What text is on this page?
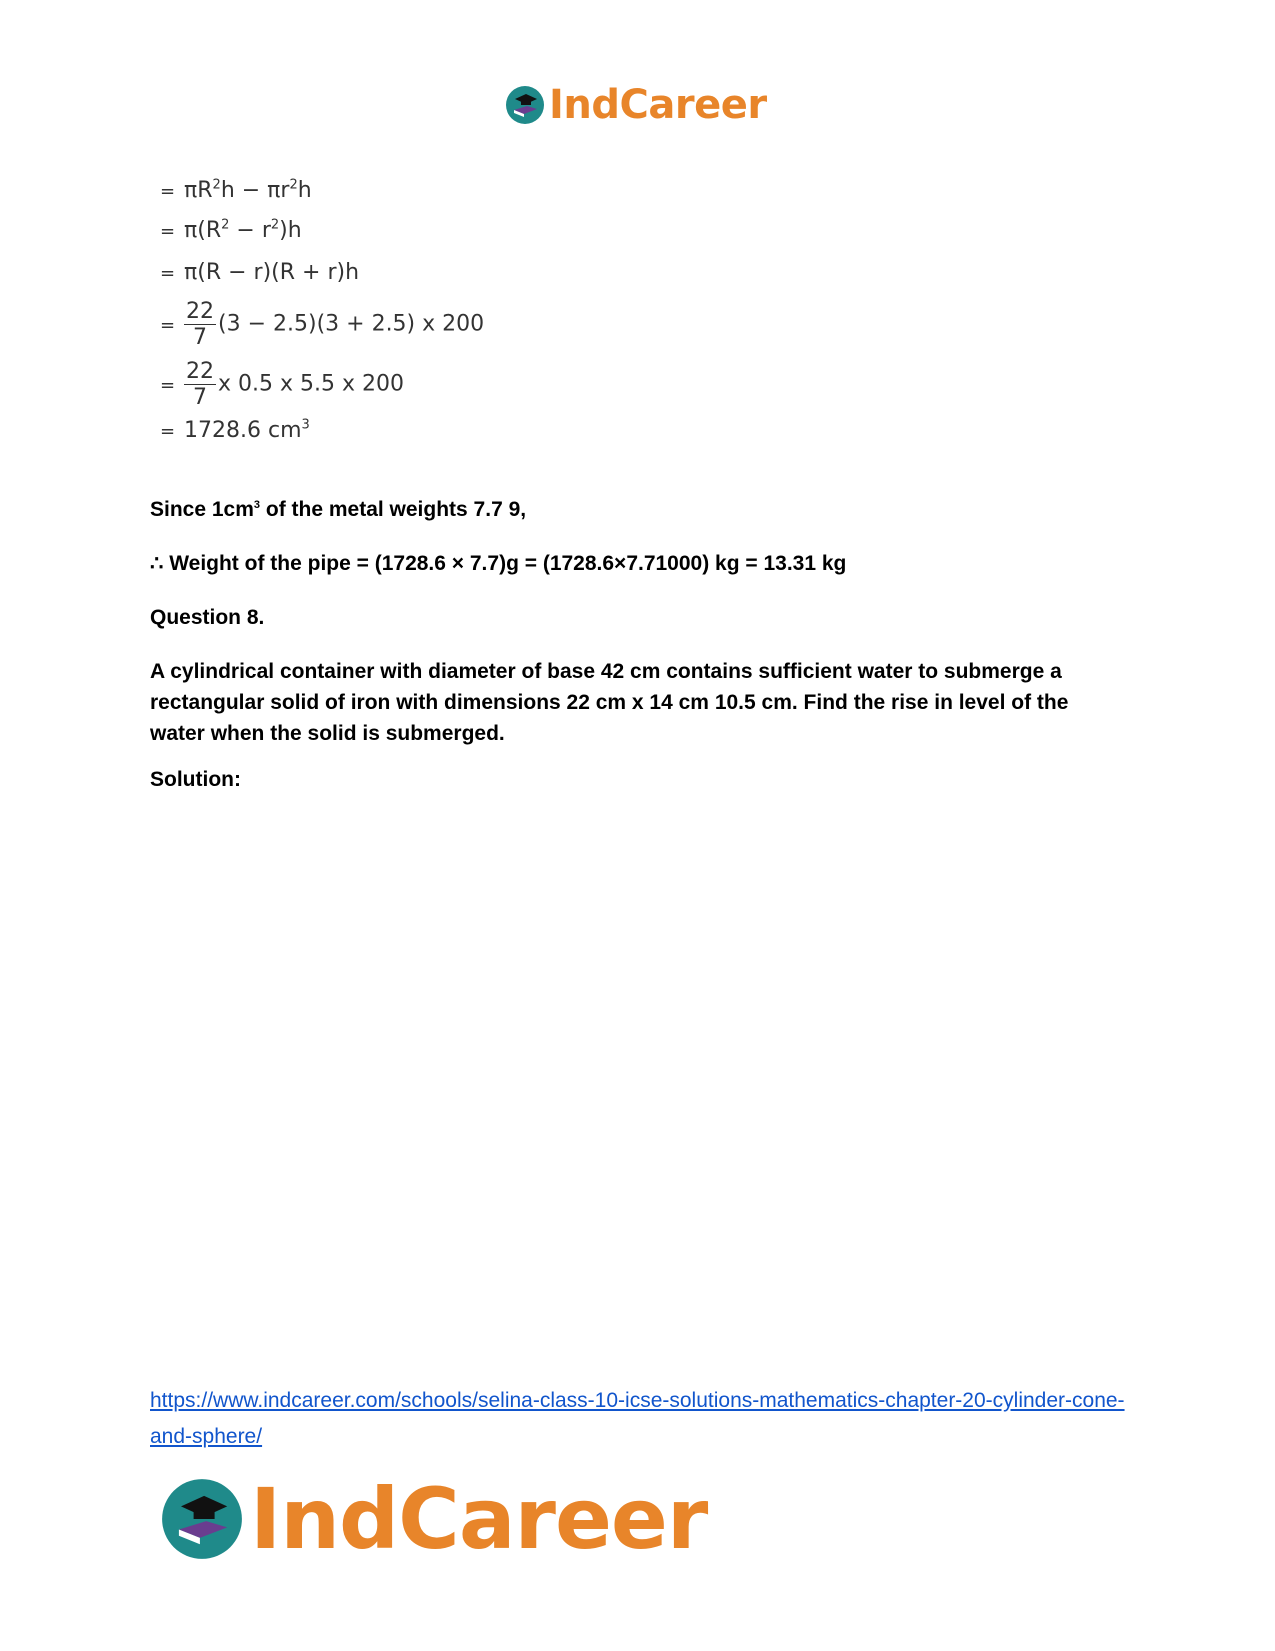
IndCareer
= $\pi R^2h - \pi r^2h$
= $\pi(R^2 - r^2)h$
= π(R − r)(R + r)h
= $\frac{22}{7} (3 - 2.5)(3 + 2.5)$ x 200
= $\frac{22}{7}$ x 0.5 x 5.5 x 200
= 1728.6 $cm^3$
Since $1cm^3$ of the metal weights 7.7 9,
∴ Weight of the pipe = (1728.6 × 7.7)g = (1728.6×7.71000) kg = 13.31 kg
Question 8.
A cylindrical container with diameter of base 42 cm contains sufficient water to submerge a rectangular solid of iron with dimensions 22 cm x 14 cm 10.5 cm. Find the rise in level of the water when the solid is submerged.
Solution:
https://www.indcareer.com/schools/selina-class-10-icse-solutions-mathematics-chapter-20-cylinder-cone-and-sphere/
IndCareer
